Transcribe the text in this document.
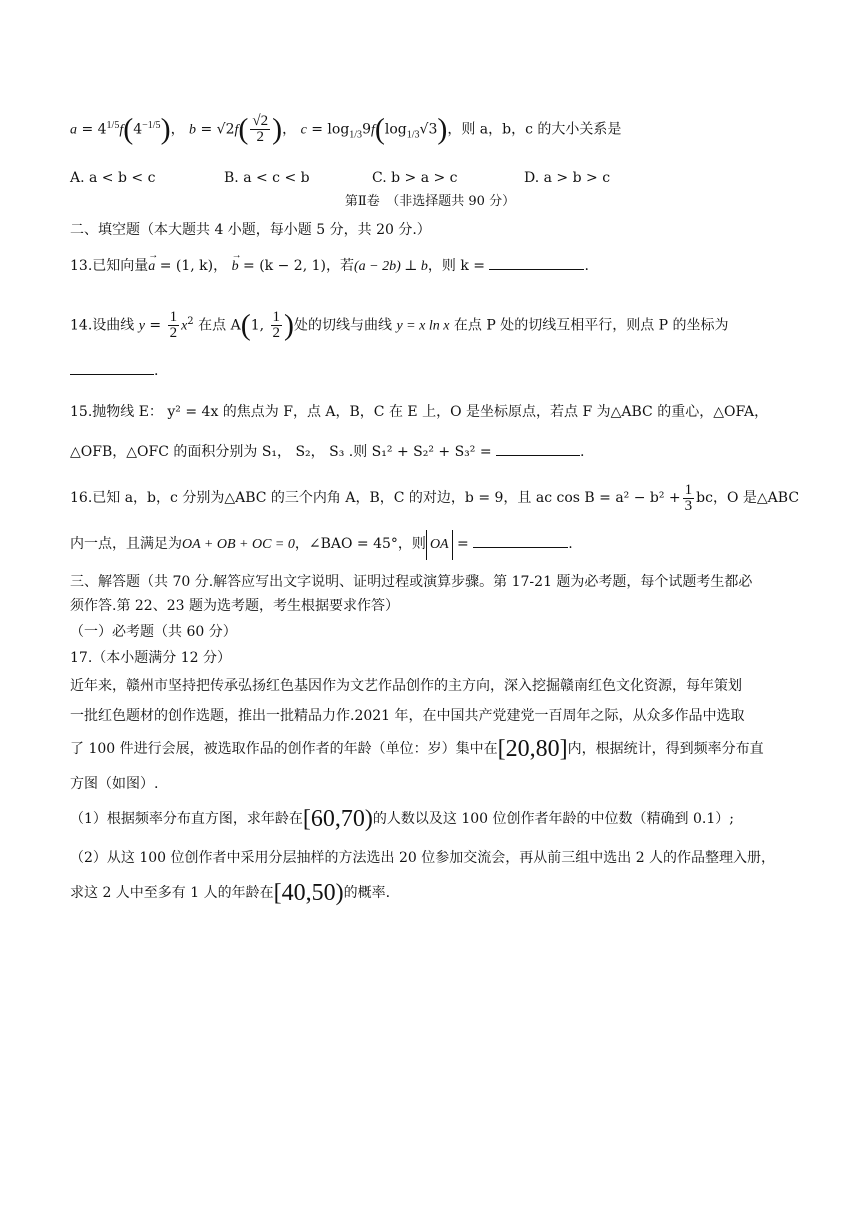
$a = 4^{1/5}f(4^{-1/5})$， $b = √2f( \frac{√2}{2}$ )， $c = \log_{1/3}9f(\log_{1/3}√3)$，则 a，b，c 的大小关系是
A. a < b < c	B. a < c < b	C. b > a > c	D. a > b > c
第Ⅱ卷　（非选择题共 90 分）
二、填空题（本大题共 4 小题，每小题 5 分，共 20 分.）
13.已知向量→ a = (1, k)， → b = (k − 2, 1)，若(a − 2b) ⊥ b，则 k =	.
14.设曲线 $y = \frac{1}{2} x^2$ 在点 A(1, $\frac{1}{2}$ )处的切线与曲线 y = x ln x 在点 P 处的切线互相平行，则点 P 的坐标为
.
15.抛物线 E： y² = 4x 的焦点为 F，点 A，B，C 在 E 上，O 是坐标原点，若点 F 为△ABC 的重心，△OFA，
△OFB，△OFC 的面积分别为 S₁， S₂， S₃ .则 S₁² + S₂² + S₃² =	.
16.已知 a，b，c 分别为△ABC 的三个内角 A，B，C 的对边，b = 9，且 ac $\cos B = a^2 - b^2 + \frac{1}{3}$ bc，O 是△ABC
内一点，且满足为OA + OB + OC = 0，∠BAO = 45°，则 OA =	.
三、解答题（共 70 分.解答应写出文字说明、证明过程或演算步骤。第 17-21 题为必考题，每个试题考生都必
须作答.第 22、23 题为选考题，考生根据要求作答）
（一）必考题（共 60 分）
17.（本小题满分 12 分）
近年来，赣州市坚持把传承弘扬红色基因作为文艺作品创作的主方向，深入挖掘赣南红色文化资源，每年策划
一批红色题材的创作选题，推出一批精品力作.2021 年，在中国共产党建党一百周年之际，从众多作品中选取
了 100 件进行会展，被选取作品的创作者的年龄（单位：岁）集中在[20,80]内，根据统计，得到频率分布直
方图（如图）.
（1）根据频率分布直方图，求年龄在[60,70)的人数以及这 100 位创作者年龄的中位数（精确到 0.1）;
（2）从这 100 位创作者中采用分层抽样的方法选出 20 位参加交流会，再从前三组中选出 2 人的作品整理入册，
求这 2 人中至多有 1 人的年龄在[40,50)的概率.
